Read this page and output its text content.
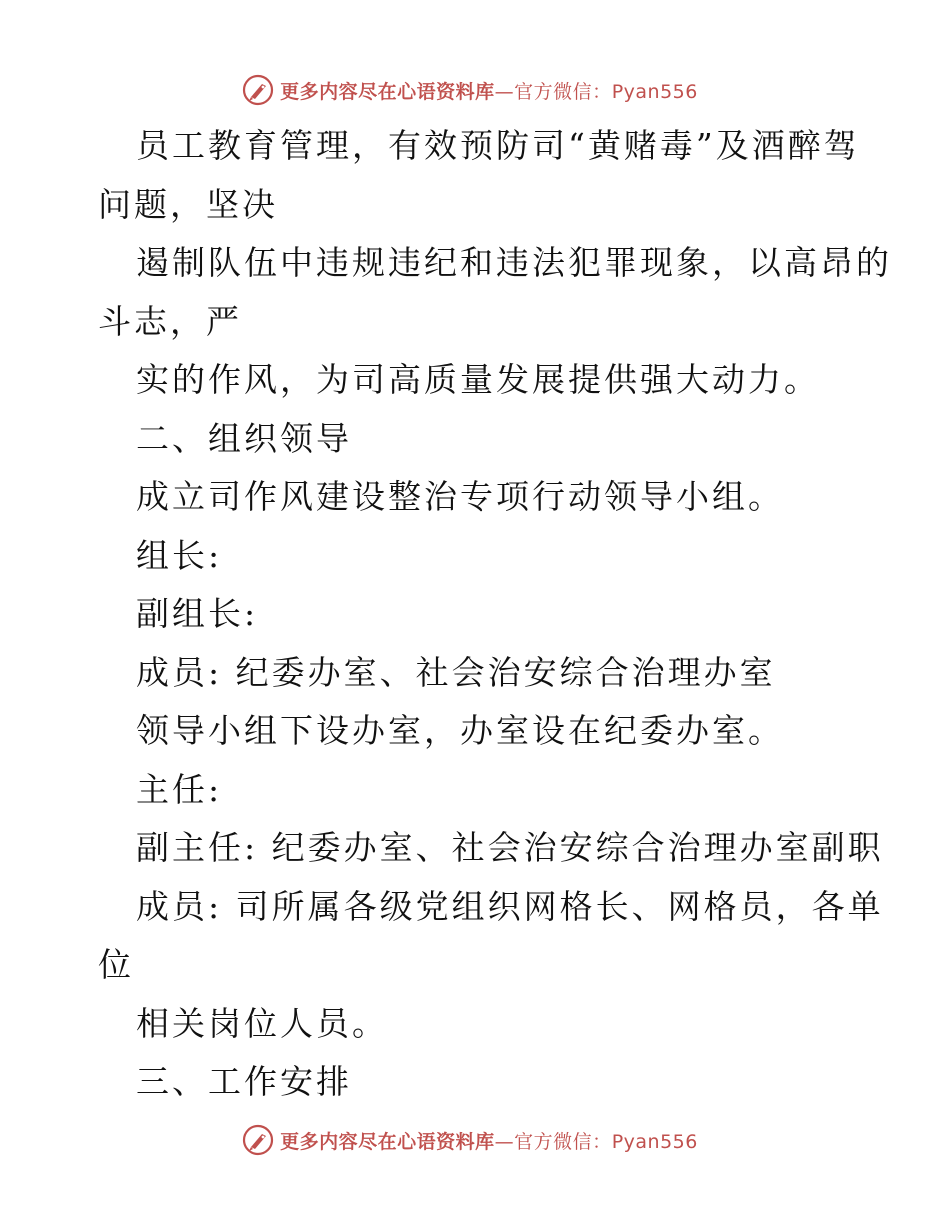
更多内容尽在心语资料库—官方微信：Pyan556
员工教育管理，有效预防司“黄赌毒”及酒醉驾
问题，坚决
遏制队伍中违规违纪和违法犯罪现象，以高昂的
斗志，严
实的作风，为司高质量发展提供强大动力。
二、组织领导
成立司作风建设整治专项行动领导小组。
组长:
副组长:
成员: 纪委办室、社会治安综合治理办室
领导小组下设办室，办室设在纪委办室。
主任:
副主任: 纪委办室、社会治安综合治理办室副职
成员: 司所属各级党组织网格长、网格员，各单
位
相关岗位人员。
三、工作安排
更多内容尽在心语资料库—官方微信：Pyan556
